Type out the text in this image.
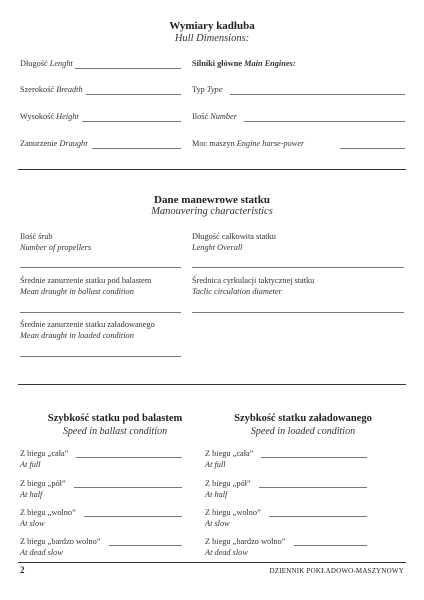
Wymiary kadłuba
Hull Dimensions:
Długość Lenght
Szerokość Breadth
Wysokość Height
Zanurzenie Draught
Silniki główne Main Engines:
Typ Type
Ilość Number
Moc maszyn Engine harse-power
Dane manewrowe statku
Manouvering characteristics
Ilość śrub
Number of propellers
Średnie zanurzenie statku pod balastem
Mean draught in ballast condition
Średnie zanurzenie statku załadowanego
Mean draught in loaded condition
Długość całkowita statku
Lenght Overall
Średnica cyrkulacji taktycznej statku
Taclic circulation diameter
Szybkość statku pod balastem
Speed in ballast condition
Szybkość statku załadowanego
Speed in loaded condition
Z biegu „cała”
At full
Z biegu „pół”
At half
Z biegu „wolno”
At slow
Z biegu „bardzo wolno”
At dead slow
Z biegu „cała”
At full
Z biegu „pół”
At half
Z biegu „wolno”
At slow
Z biegu „bardzo wolno”
At dead slow
2	DZIENNIK POKŁADOWO-MASZYNOWY
